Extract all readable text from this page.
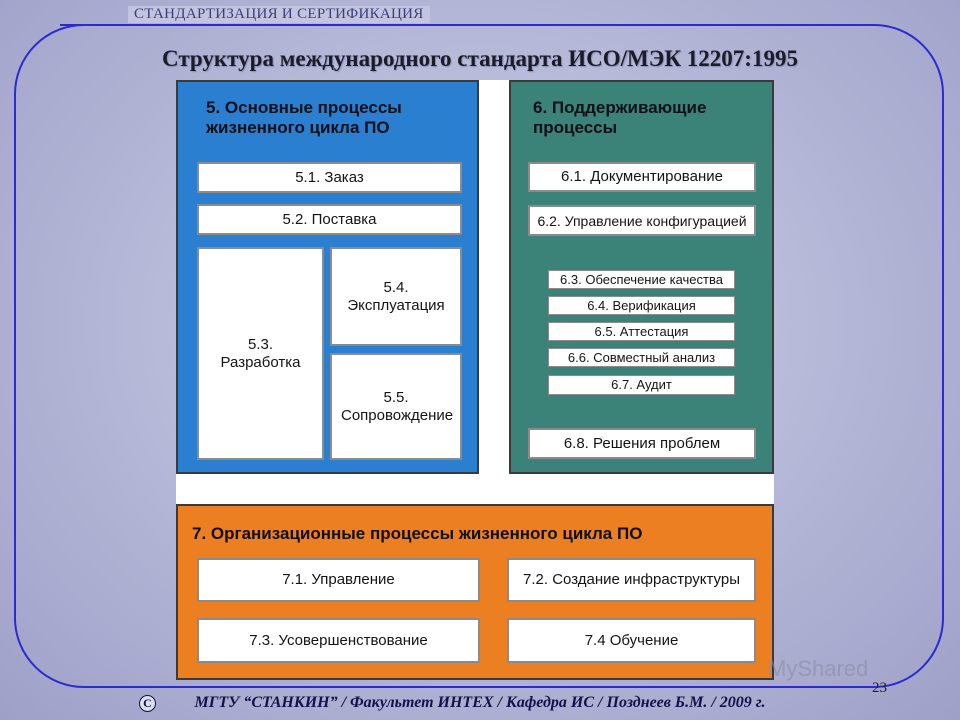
СТАНДАРТИЗАЦИЯ И СЕРТИФИКАЦИЯ
Структура международного стандарта ИСО/МЭК 12207:1995
5. Основные процессы жизненного цикла ПО
5.1. Заказ
5.2. Поставка
5.3. Разработка
5.4. Эксплуатация
5.5. Сопровождение
6. Поддерживающие процессы
6.1. Документирование
6.2. Управление конфигурацией
6.3. Обеспечение качества
6.4. Верификация
6.5. Аттестация
6.6. Совместный анализ
6.7. Аудит
6.8. Решения проблем
7. Организационные процессы жизненного цикла ПО
7.1. Управление	7.2. Создание инфраструктуры
7.3. Усовершенствование	7.4 Обучение
MyShared
23
С	МГТУ “СТАНКИН” / Факультет ИНТЕХ / Кафедра ИС / Позднеев Б.М. / 2009 г.
